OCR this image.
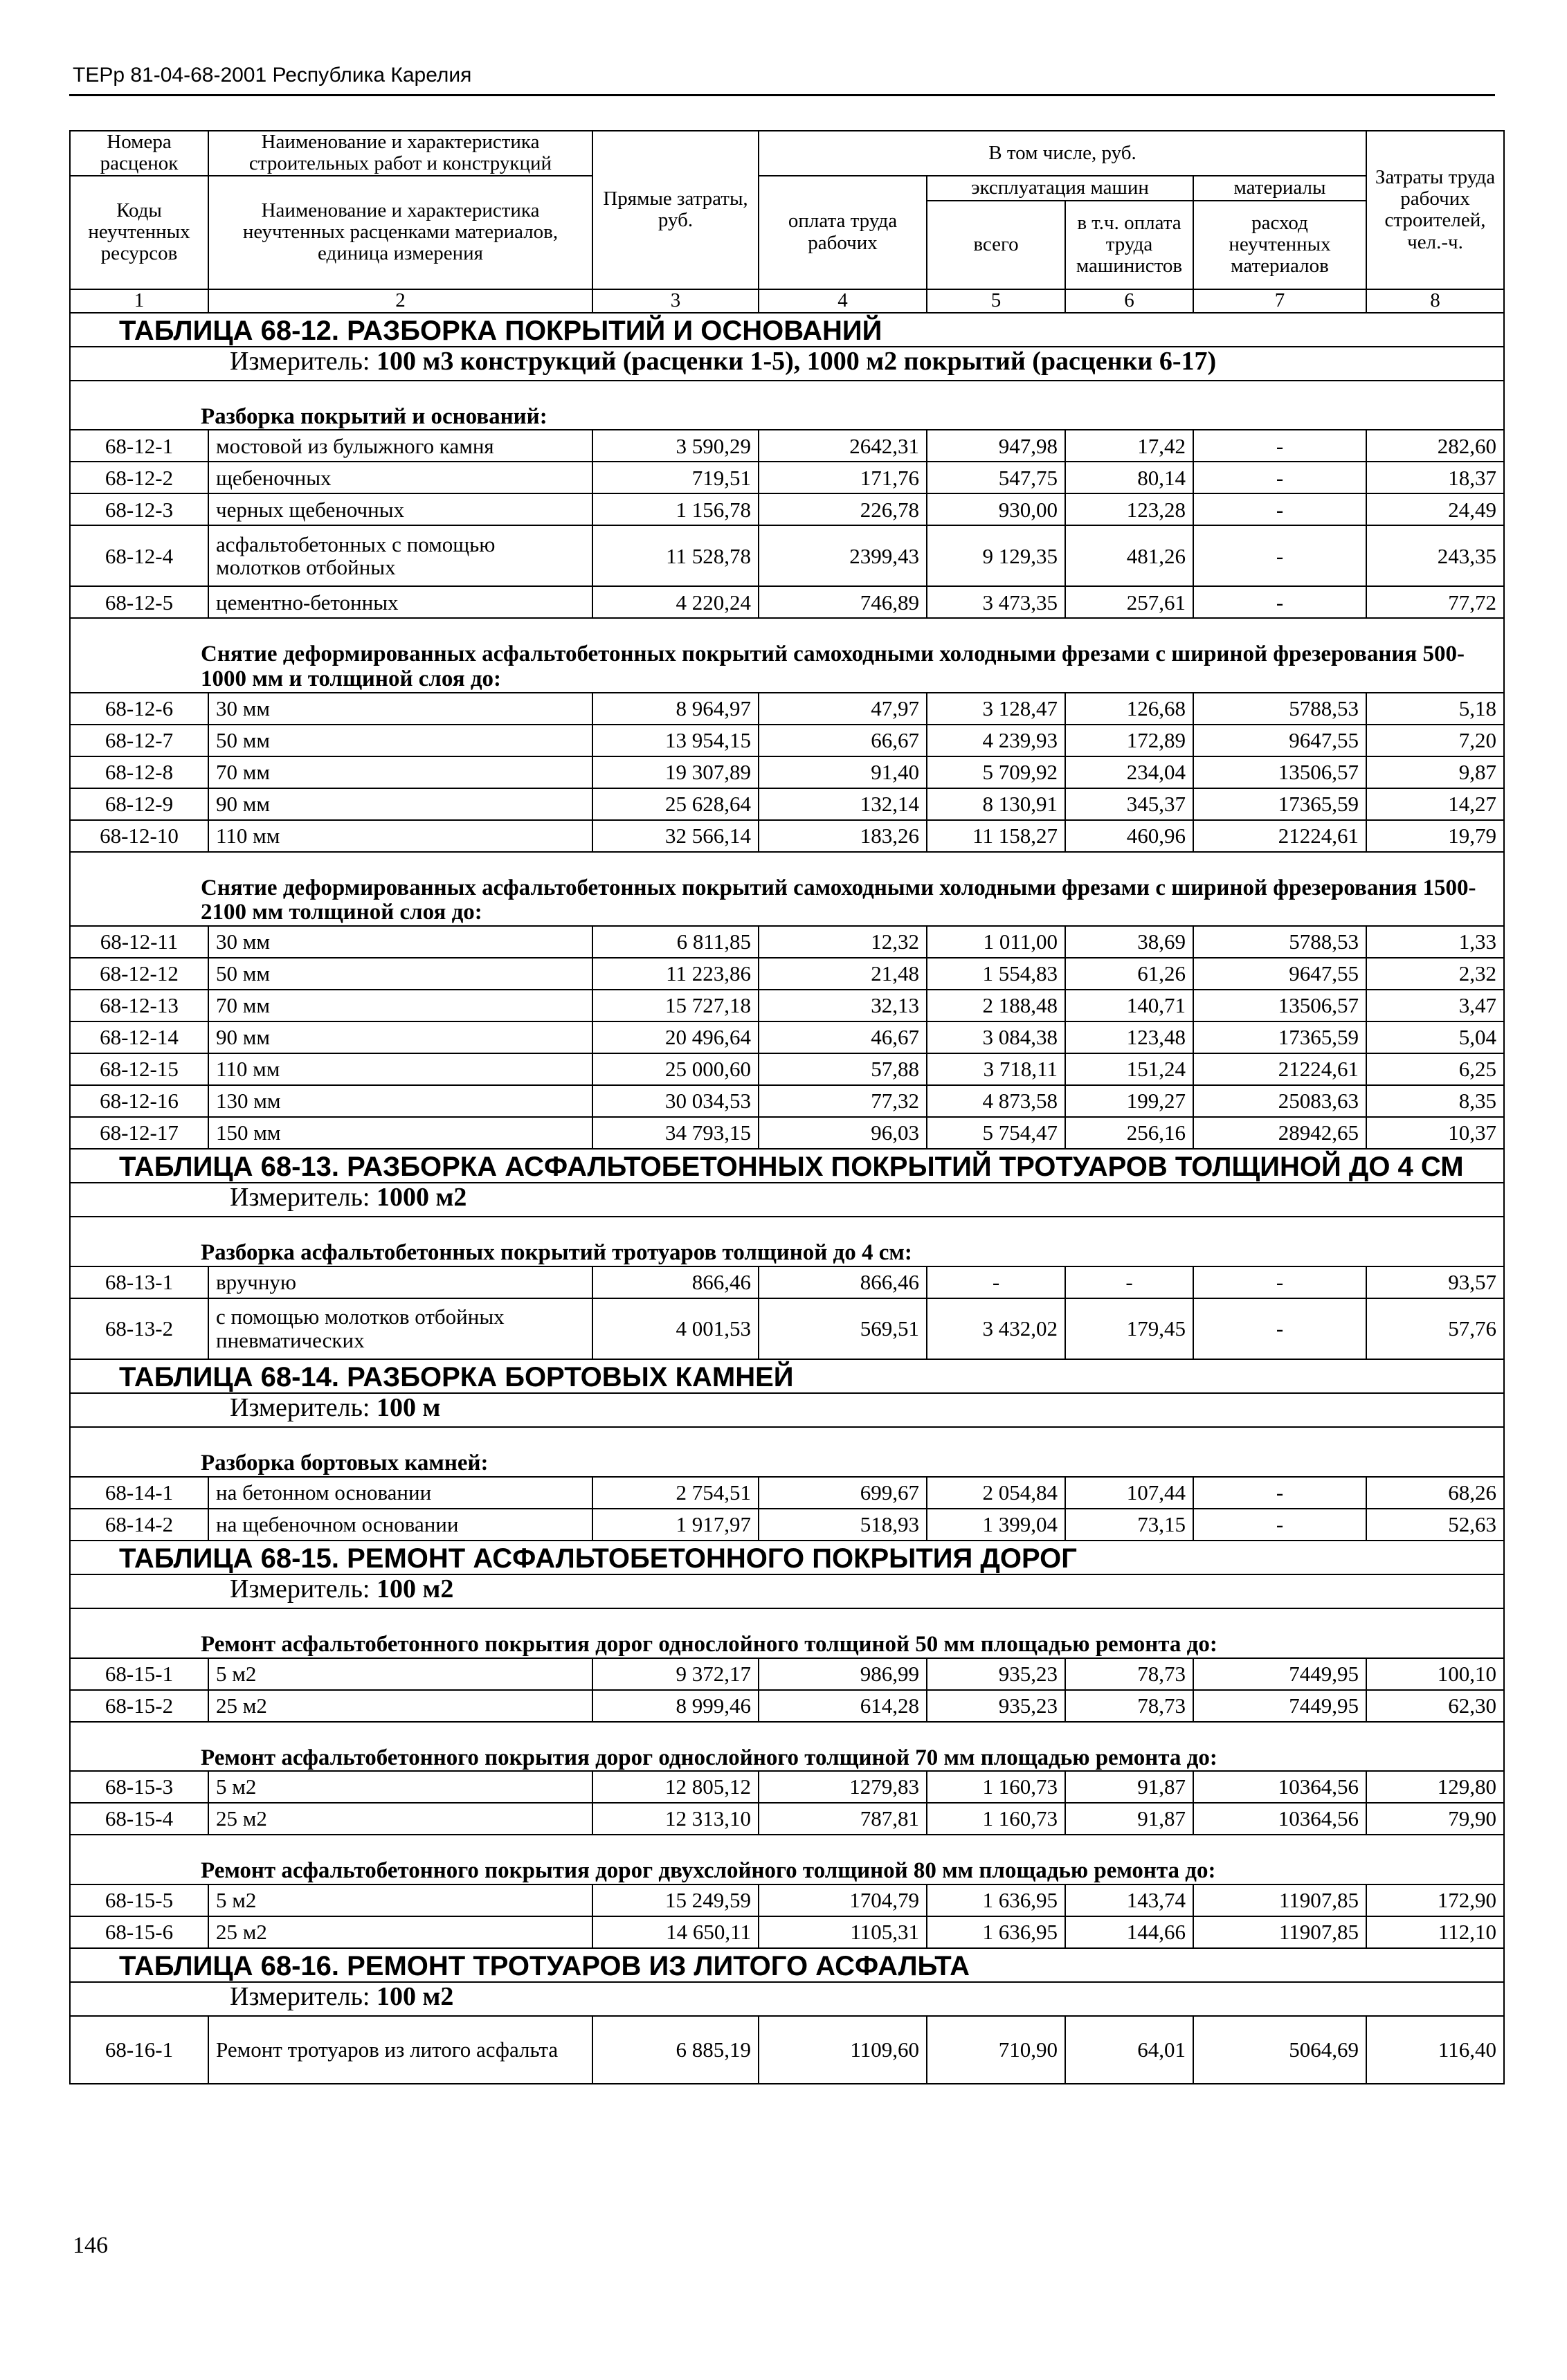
ТЕРр 81-04-68-2001 Республика Карелия
Номера расценок	Наименование и характеристика строительных работ и конструкций	Прямые затраты, руб.	В том числе, руб.				Затраты труда рабочих строителей, чел.-ч.
Коды неучтенных ресурсов	Наименование и характеристика неучтенных расценками материалов, единица измерения		оплата труда рабочих	эксплуатация машин		материалы	
				всего	в т.ч. оплата труда машинистов	расход неучтенных материалов	

1	2	3	4	5	6	7	8
ТАБЛИЦА 68-12. РАЗБОРКА ПОКРЫТИЙ И ОСНОВАНИЙ							
Измеритель: 100 м3 конструкций (расценки 1-5), 1000 м2 покрытий (расценки 6-17)							
Разборка покрытий и оснований:							
68-12-1	мостовой из булыжного камня	3 590,29	2642,31	947,98	17,42	-	282,60
68-12-2	щебеночных	719,51	171,76	547,75	80,14	-	18,37
68-12-3	черных щебеночных	1 156,78	226,78	930,00	123,28	-	24,49
68-12-4	асфальтобетонных с помощью молотков отбойных	11 528,78	2399,43	9 129,35	481,26	-	243,35
68-12-5	цементно-бетонных	4 220,24	746,89	3 473,35	257,61	-	77,72
Снятие деформированных асфальтобетонных покрытий самоходными холодными фрезами с шириной фрезерования 500-1000 мм и толщиной слоя до:							
68-12-6	30 мм	8 964,97	47,97	3 128,47	126,68	5788,53	5,18
68-12-7	50 мм	13 954,15	66,67	4 239,93	172,89	9647,55	7,20
68-12-8	70 мм	19 307,89	91,40	5 709,92	234,04	13506,57	9,87
68-12-9	90 мм	25 628,64	132,14	8 130,91	345,37	17365,59	14,27
68-12-10	110 мм	32 566,14	183,26	11 158,27	460,96	21224,61	19,79
Снятие деформированных асфальтобетонных покрытий самоходными холодными фрезами с шириной фрезерования 1500-2100 мм толщиной слоя до:							
68-12-11	30 мм	6 811,85	12,32	1 011,00	38,69	5788,53	1,33
68-12-12	50 мм	11 223,86	21,48	1 554,83	61,26	9647,55	2,32
68-12-13	70 мм	15 727,18	32,13	2 188,48	140,71	13506,57	3,47
68-12-14	90 мм	20 496,64	46,67	3 084,38	123,48	17365,59	5,04
68-12-15	110 мм	25 000,60	57,88	3 718,11	151,24	21224,61	6,25
68-12-16	130 мм	30 034,53	77,32	4 873,58	199,27	25083,63	8,35
68-12-17	150 мм	34 793,15	96,03	5 754,47	256,16	28942,65	10,37
ТАБЛИЦА 68-13. РАЗБОРКА АСФАЛЬТОБЕТОННЫХ ПОКРЫТИЙ ТРОТУАРОВ ТОЛЩИНОЙ ДО 4 СМ							
Измеритель: 1000 м2							
Разборка асфальтобетонных покрытий тротуаров толщиной до 4 см:							
68-13-1	вручную	866,46	866,46	-	-	-	93,57
68-13-2	с помощью молотков отбойных пневматических	4 001,53	569,51	3 432,02	179,45	-	57,76
ТАБЛИЦА 68-14. РАЗБОРКА БОРТОВЫХ КАМНЕЙ							
Измеритель: 100 м							
Разборка бортовых камней:							
68-14-1	на бетонном основании	2 754,51	699,67	2 054,84	107,44	-	68,26
68-14-2	на щебеночном основании	1 917,97	518,93	1 399,04	73,15	-	52,63
ТАБЛИЦА 68-15. РЕМОНТ АСФАЛЬТОБЕТОННОГО ПОКРЫТИЯ ДОРОГ							
Измеритель: 100 м2							
Ремонт асфальтобетонного покрытия дорог однослойного толщиной 50 мм площадью ремонта до:							
68-15-1	5 м2	9 372,17	986,99	935,23	78,73	7449,95	100,10
68-15-2	25 м2	8 999,46	614,28	935,23	78,73	7449,95	62,30
Ремонт асфальтобетонного покрытия дорог однослойного толщиной 70 мм площадью ремонта до:							
68-15-3	5 м2	12 805,12	1279,83	1 160,73	91,87	10364,56	129,80
68-15-4	25 м2	12 313,10	787,81	1 160,73	91,87	10364,56	79,90
Ремонт асфальтобетонного покрытия дорог двухслойного толщиной 80 мм площадью ремонта до:							
68-15-5	5 м2	15 249,59	1704,79	1 636,95	143,74	11907,85	172,90
68-15-6	25 м2	14 650,11	1105,31	1 636,95	144,66	11907,85	112,10
ТАБЛИЦА 68-16. РЕМОНТ ТРОТУАРОВ ИЗ ЛИТОГО АСФАЛЬТА							
Измеритель: 100 м2							
68-16-1	Ремонт тротуаров из литого асфальта	6 885,19	1109,60	710,90	64,01	5064,69	116,40
146
